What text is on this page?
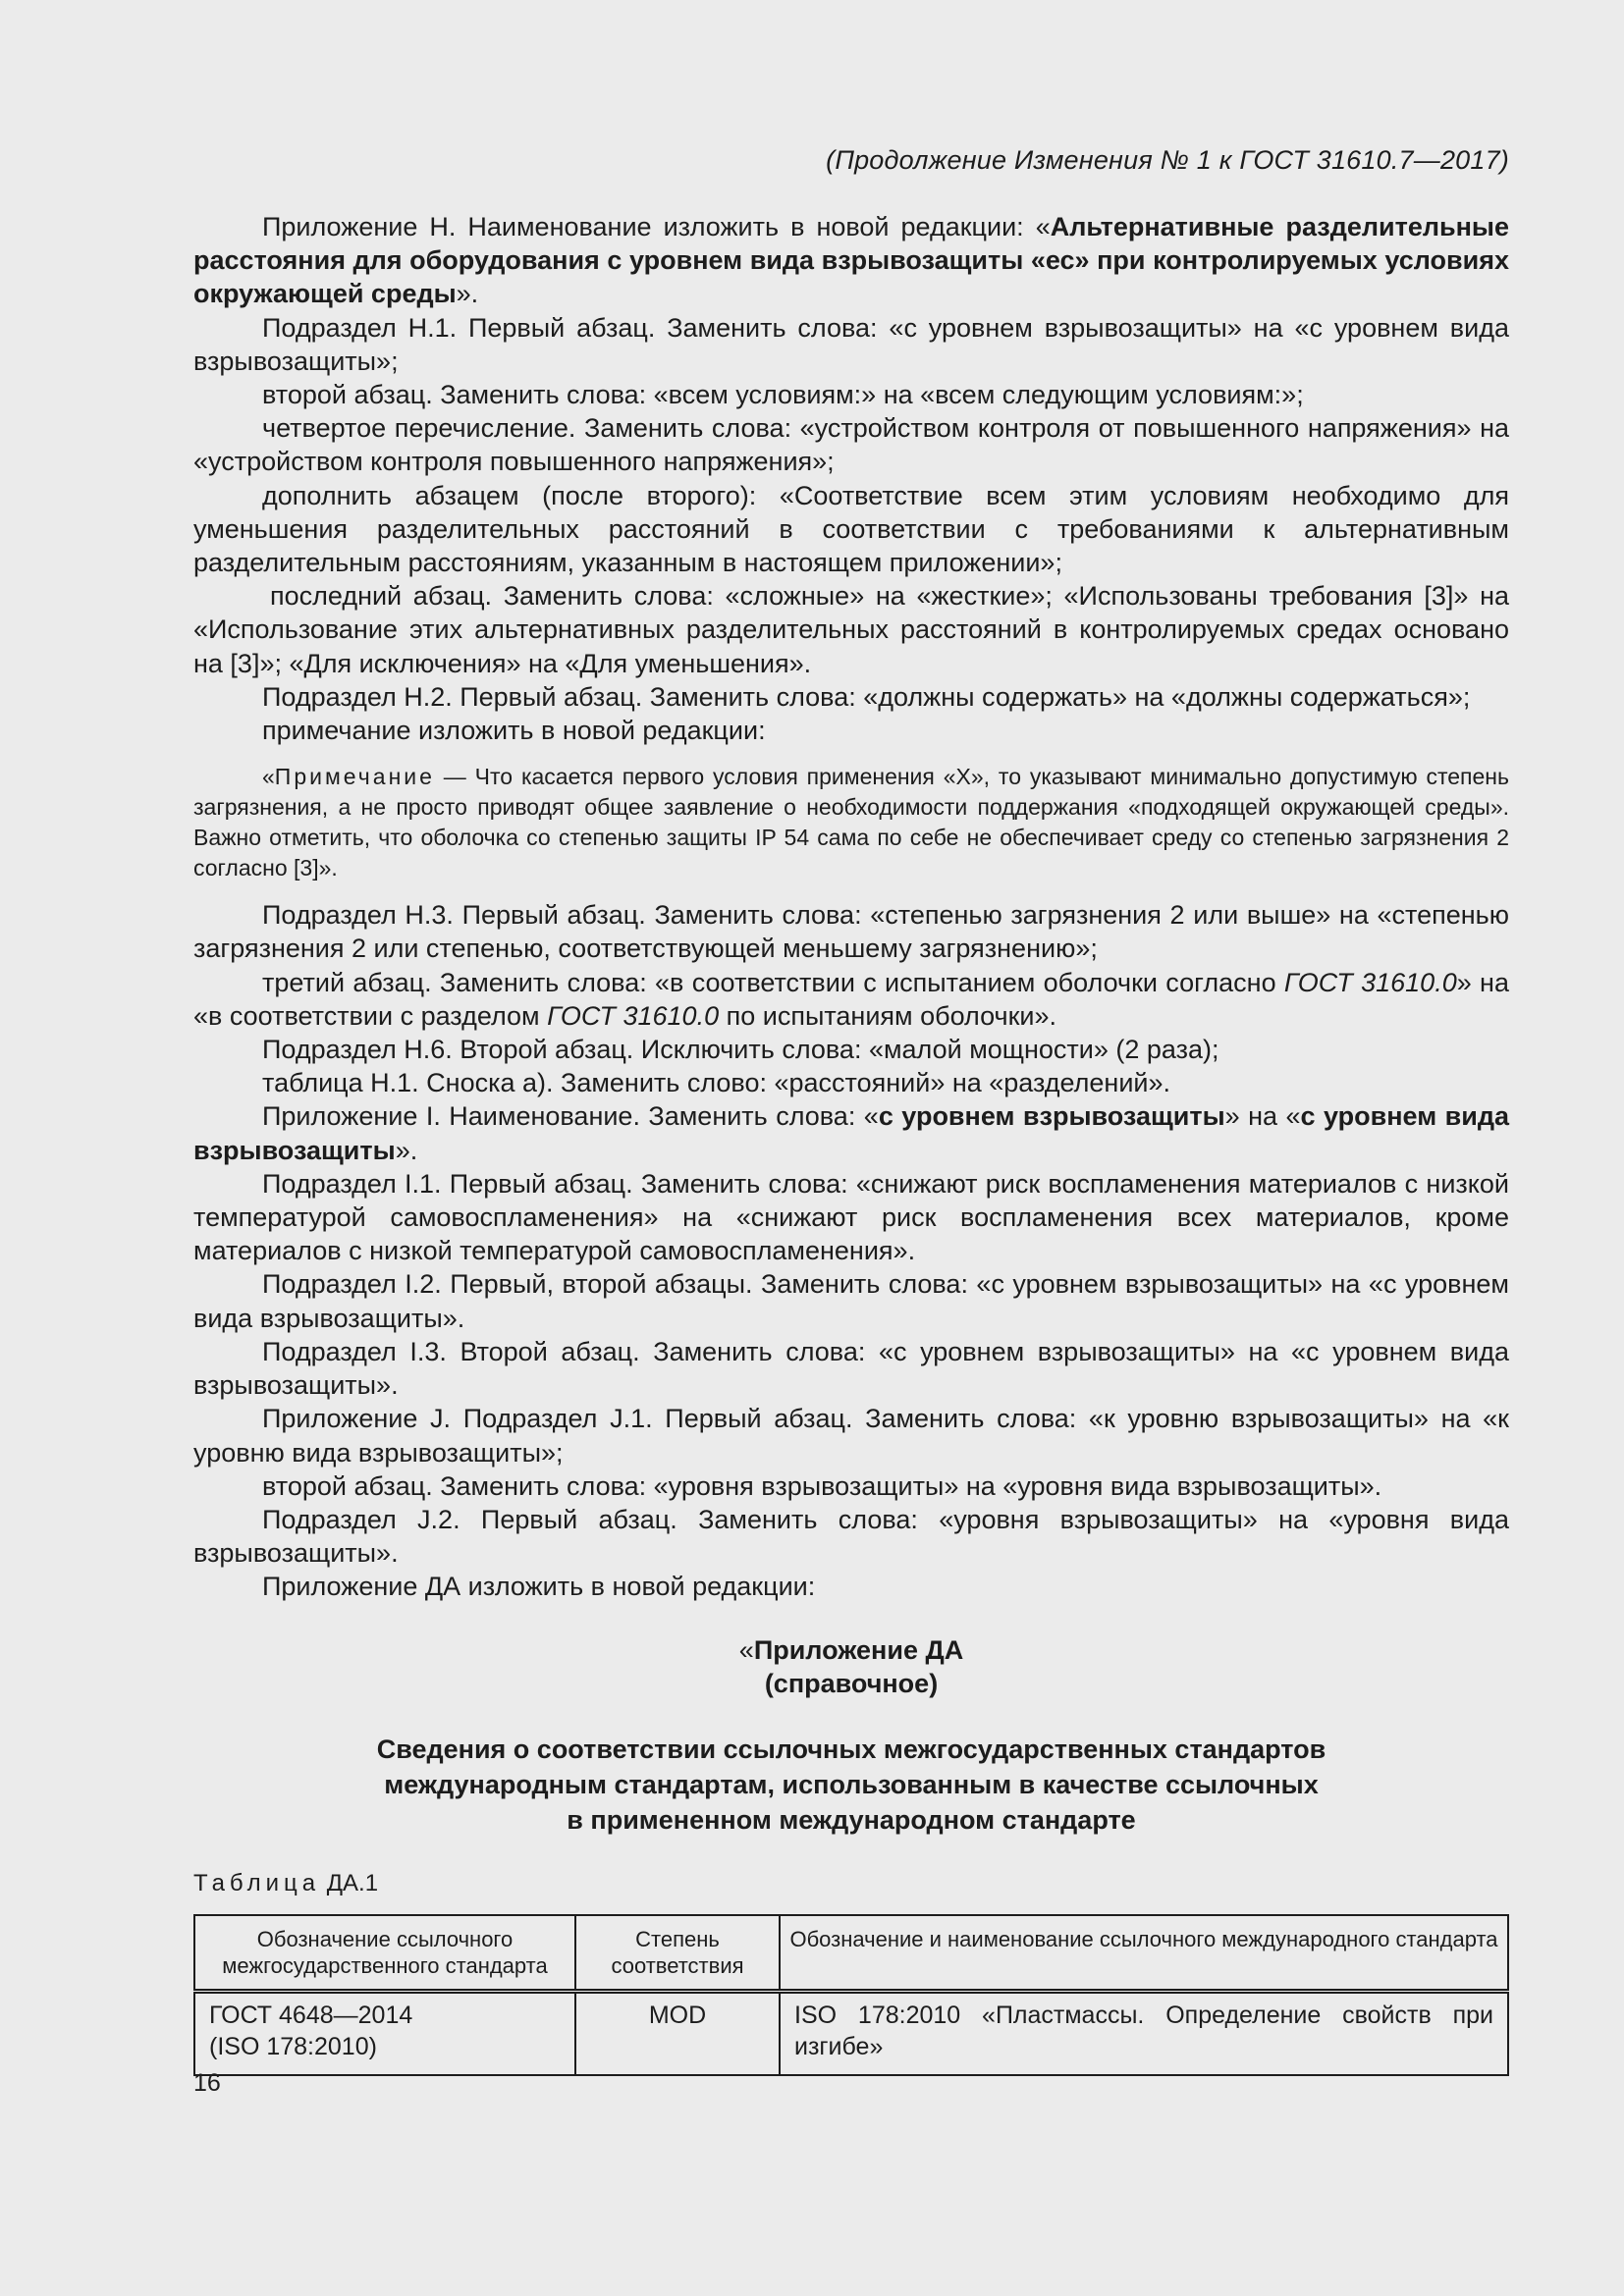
(Продолжение Изменения № 1 к ГОСТ 31610.7—2017)

Приложение Н. Наименование изложить в новой редакции: «Альтернативные разделительные расстояния для оборудования с уровнем вида взрывозащиты «ес» при контролируемых условиях окружающей среды».

Подраздел Н.1. Первый абзац. Заменить слова: «с уровнем взрывозащиты» на «с уровнем вида взрывозащиты»;

второй абзац. Заменить слова: «всем условиям:» на «всем следующим условиям:»;

четвертое перечисление. Заменить слова: «устройством контроля от повышенного напряжения» на «устройством контроля повышенного напряжения»;

дополнить абзацем (после второго): «Соответствие всем этим условиям необходимо для уменьшения разделительных расстояний в соответствии с требованиями к альтернативным разделительным расстояниям, указанным в настоящем приложении»;

последний абзац. Заменить слова: «сложные» на «жесткие»; «Использованы требования [3]» на «Использование этих альтернативных разделительных расстояний в контролируемых средах основано на [3]»; «Для исключения» на «Для уменьшения».

Подраздел Н.2. Первый абзац. Заменить слова: «должны содержать» на «должны содержаться»;

примечание изложить в новой редакции:

«Примечание — Что касается первого условия применения «X», то указывают минимально допустимую степень загрязнения, а не просто приводят общее заявление о необходимости поддержания «подходящей окружающей среды». Важно отметить, что оболочка со степенью защиты IP 54 сама по себе не обеспечивает среду со степенью загрязнения 2 согласно [3]».

Подраздел Н.3. Первый абзац. Заменить слова: «степенью загрязнения 2 или выше» на «степенью загрязнения 2 или степенью, соответствующей меньшему загрязнению»;

третий абзац. Заменить слова: «в соответствии с испытанием оболочки согласно ГОСТ 31610.0» на «в соответствии с разделом ГОСТ 31610.0 по испытаниям оболочки».

Подраздел Н.6. Второй абзац. Исключить слова: «малой мощности» (2 раза);

таблица Н.1. Сноска а). Заменить слово: «расстояний» на «разделений».

Приложение I. Наименование. Заменить слова: «с уровнем взрывозащиты» на «с уровнем вида взрывозащиты».

Подраздел I.1. Первый абзац. Заменить слова: «снижают риск воспламенения материалов с низкой температурой самовоспламенения» на «снижают риск воспламенения всех материалов, кроме материалов с низкой температурой самовоспламенения».

Подраздел I.2. Первый, второй абзацы. Заменить слова: «с уровнем взрывозащиты» на «с уровнем вида взрывозащиты».

Подраздел I.3. Второй абзац. Заменить слова: «с уровнем взрывозащиты» на «с уровнем вида взрывозащиты».

Приложение J. Подраздел J.1. Первый абзац. Заменить слова: «к уровню взрывозащиты» на «к уровню вида взрывозащиты»;

второй абзац. Заменить слова: «уровня взрывозащиты» на «уровня вида взрывозащиты».

Подраздел J.2. Первый абзац. Заменить слова: «уровня взрывозащиты» на «уровня вида взрывозащиты».

Приложение ДА изложить в новой редакции:

«Приложение ДА
(справочное)

Сведения о соответствии ссылочных межгосударственных стандартов
международным стандартам, использованным в качестве ссылочных
в примененном международном стандарте

Таблица ДА.1

Обозначение ссылочного межгосударственного стандарта	Степень соответствия	Обозначение и наименование ссылочного международного стандарта
ГОСТ 4648—2014
(ISO 178:2010)	MOD	ISO 178:2010 «Пластмассы. Определение свойств при изгибе»
16
